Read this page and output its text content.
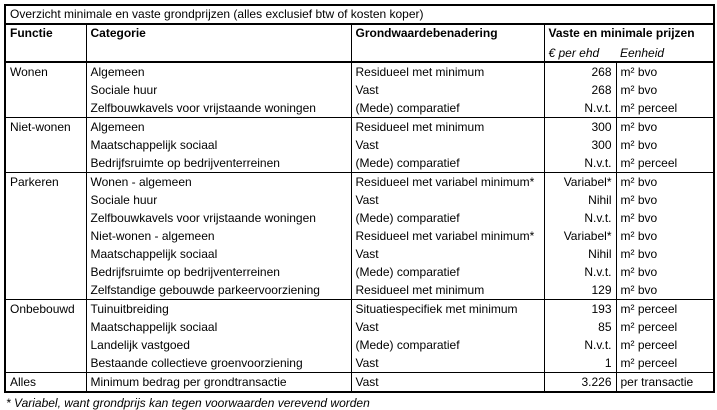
Overzicht minimale en vaste grondprijzen (alles exclusief btw of kosten koper)				
Functie	Categorie	Grondwaardebenadering	Vaste en minimale prijzen	
			€ per ehd	Eenheid
Wonen	Algemeen	Residueel met minimum	268	m² bvo
	Sociale huur	Vast	268	m² bvo
	Zelfbouwkavels voor vrijstaande woningen	(Mede) comparatief	N.v.t.	m² perceel
Niet-wonen	Algemeen	Residueel met minimum	300	m² bvo
	Maatschappelijk sociaal	Vast	300	m² bvo
	Bedrijfsruimte op bedrijventerreinen	(Mede) comparatief	N.v.t.	m² perceel
Parkeren	Wonen - algemeen	Residueel met variabel minimum*	Variabel*	m² bvo
	Sociale huur	Vast	Nihil	m² bvo
	Zelfbouwkavels voor vrijstaande woningen	(Mede) comparatief	N.v.t.	m² bvo
	Niet-wonen - algemeen	Residueel met variabel minimum*	Variabel*	m² bvo
	Maatschappelijk sociaal	Vast	Nihil	m² bvo
	Bedrijfsruimte op bedrijventerreinen	(Mede) comparatief	N.v.t.	m² bvo
	Zelfstandige gebouwde parkeervoorziening	Residueel met minimum	129	m² bvo
Onbebouwd	Tuinuitbreiding	Situatiespecifiek met minimum	193	m² perceel
	Maatschappelijk sociaal	Vast	85	m² perceel
	Landelijk vastgoed	(Mede) comparatief	N.v.t.	m² perceel
	Bestaande collectieve groenvoorziening	Vast	1	m² perceel
Alles	Minimum bedrag per grondtransactie	Vast	3.226	per transactie
* Variabel, want grondprijs kan tegen voorwaarden verevend worden
